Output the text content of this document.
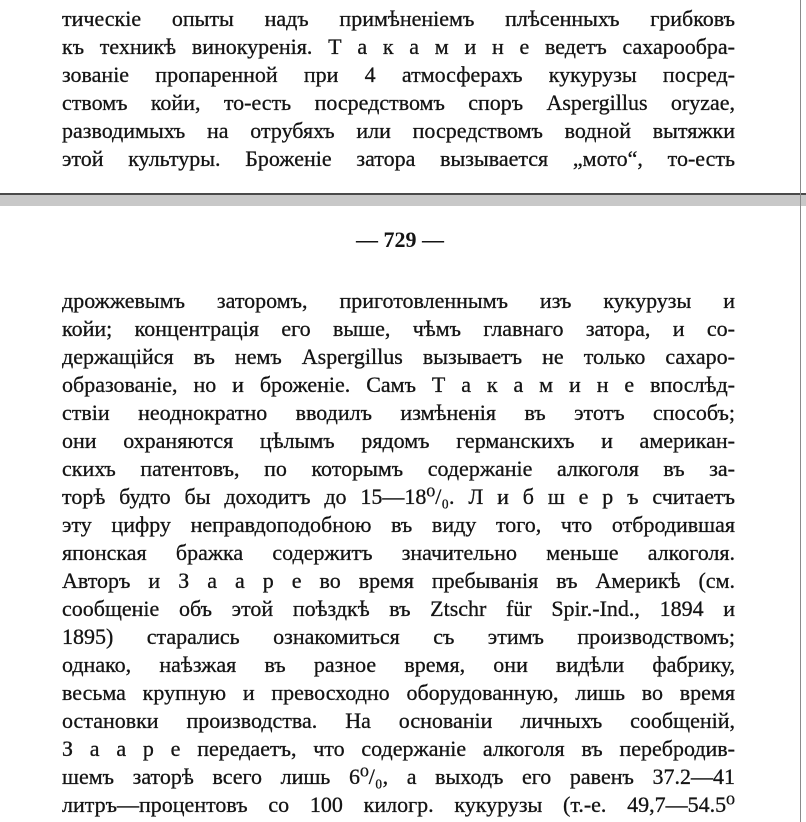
тическіе опыты надъ примѣненіемъ плѣсенныхъ грибковъ
къ техникѣ винокуренія. Т а к а м и н е ведетъ сахарообра-
зованіе пропаренной при 4 атмосферахъ кукурузы посред-
ствомъ койи, то-есть посредствомъ споръ Aspergillus oryzae,
разводимыхъ на отрубяхъ или посредствомъ водной вытяжки
этой культуры. Броженіе затора вызывается „мото“, то-есть
— 729 —
дрожжевымъ заторомъ, приготовленнымъ изъ кукурузы и
койи; концентрація его выше, чѣмъ главнаго затора, и со-
держащійся въ немъ Aspergillus вызываетъ не только сахаро-
образованіе, но и броженіе. Самъ Т а к а м и н е впослѣд-
ствіи неоднократно вводилъ измѣненія въ этотъ способъ;
они охраняются цѣлымъ рядомъ германскихъ и американ-
скихъ патентовъ, по которымъ содержаніе алкоголя въ за-
торѣ будто бы доходитъ до 15—18⁰/₀. Л и б ш е р ъ считаетъ
эту цифру неправдоподобною въ виду того, что отбродившая
японская бражка содержитъ значительно меньше алкоголя.
Авторъ и З а а р е во время пребыванія въ Америкѣ (см.
сообщеніе объ этой поѣздкѣ въ Ztschr für Spir.-Ind., 1894 и
1895) старались ознакомиться съ этимъ производствомъ;
однако, наѣзжая въ разное время, они видѣли фабрику,
весьма крупную и превосходно оборудованную, лишь во время
остановки производства. На основаніи личныхъ сообщеній,
З а а р е передаетъ, что содержаніе алкоголя въ перебродив-
шемъ заторѣ всего лишь 6⁰/₀, а выходъ его равенъ 37.2—41
литръ—процентовъ со 100 килогр. кукурузы (т.-е. 49,7—54.5⁰
